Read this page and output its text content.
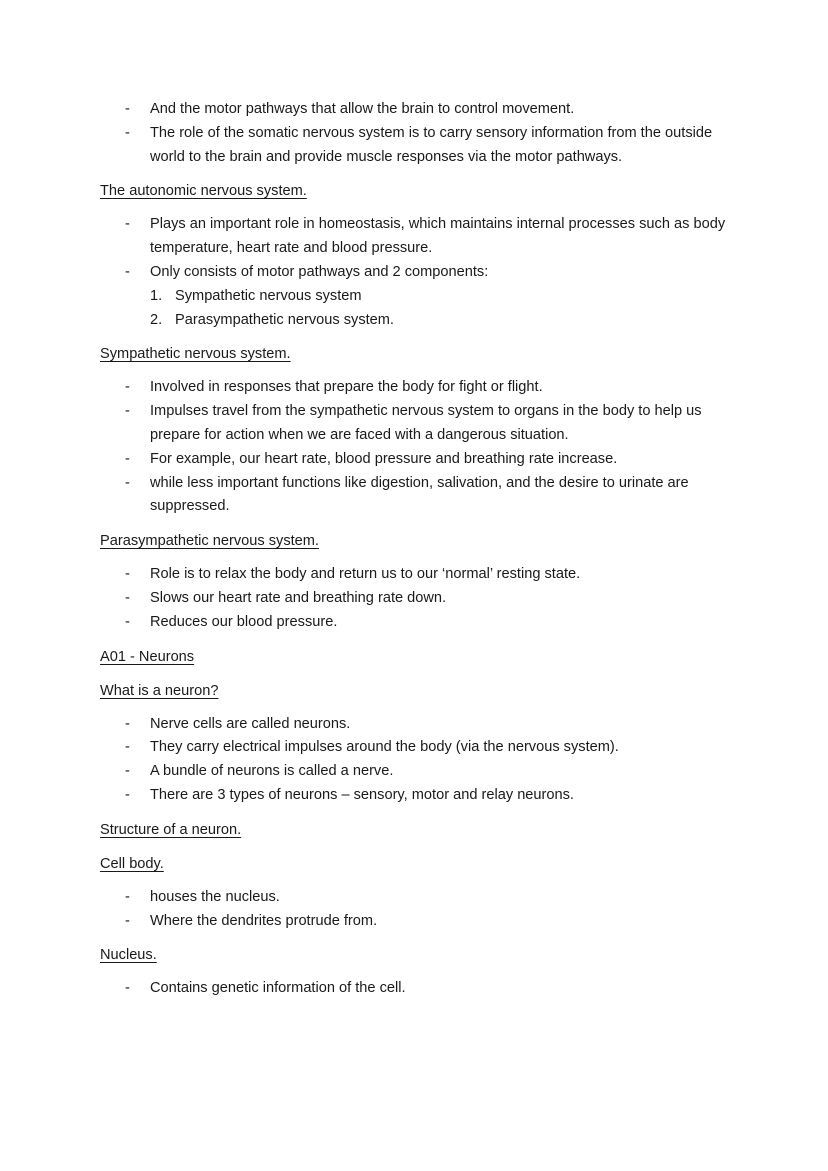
- And the motor pathways that allow the brain to control movement.
- The role of the somatic nervous system is to carry sensory information from the outside world to the brain and provide muscle responses via the motor pathways.
The autonomic nervous system.
- Plays an important role in homeostasis, which maintains internal processes such as body temperature, heart rate and blood pressure.
- Only consists of motor pathways and 2 components:
1. Sympathetic nervous system
2. Parasympathetic nervous system.
Sympathetic nervous system.
- Involved in responses that prepare the body for fight or flight.
- Impulses travel from the sympathetic nervous system to organs in the body to help us prepare for action when we are faced with a dangerous situation.
- For example, our heart rate, blood pressure and breathing rate increase.
- while less important functions like digestion, salivation, and the desire to urinate are suppressed.
Parasympathetic nervous system.
- Role is to relax the body and return us to our ‘normal’ resting state.
- Slows our heart rate and breathing rate down.
- Reduces our blood pressure.
A01 - Neurons
What is a neuron?
- Nerve cells are called neurons.
- They carry electrical impulses around the body (via the nervous system).
- A bundle of neurons is called a nerve.
- There are 3 types of neurons – sensory, motor and relay neurons.
Structure of a neuron.
Cell body.
- houses the nucleus.
- Where the dendrites protrude from.
Nucleus.
- Contains genetic information of the cell.
